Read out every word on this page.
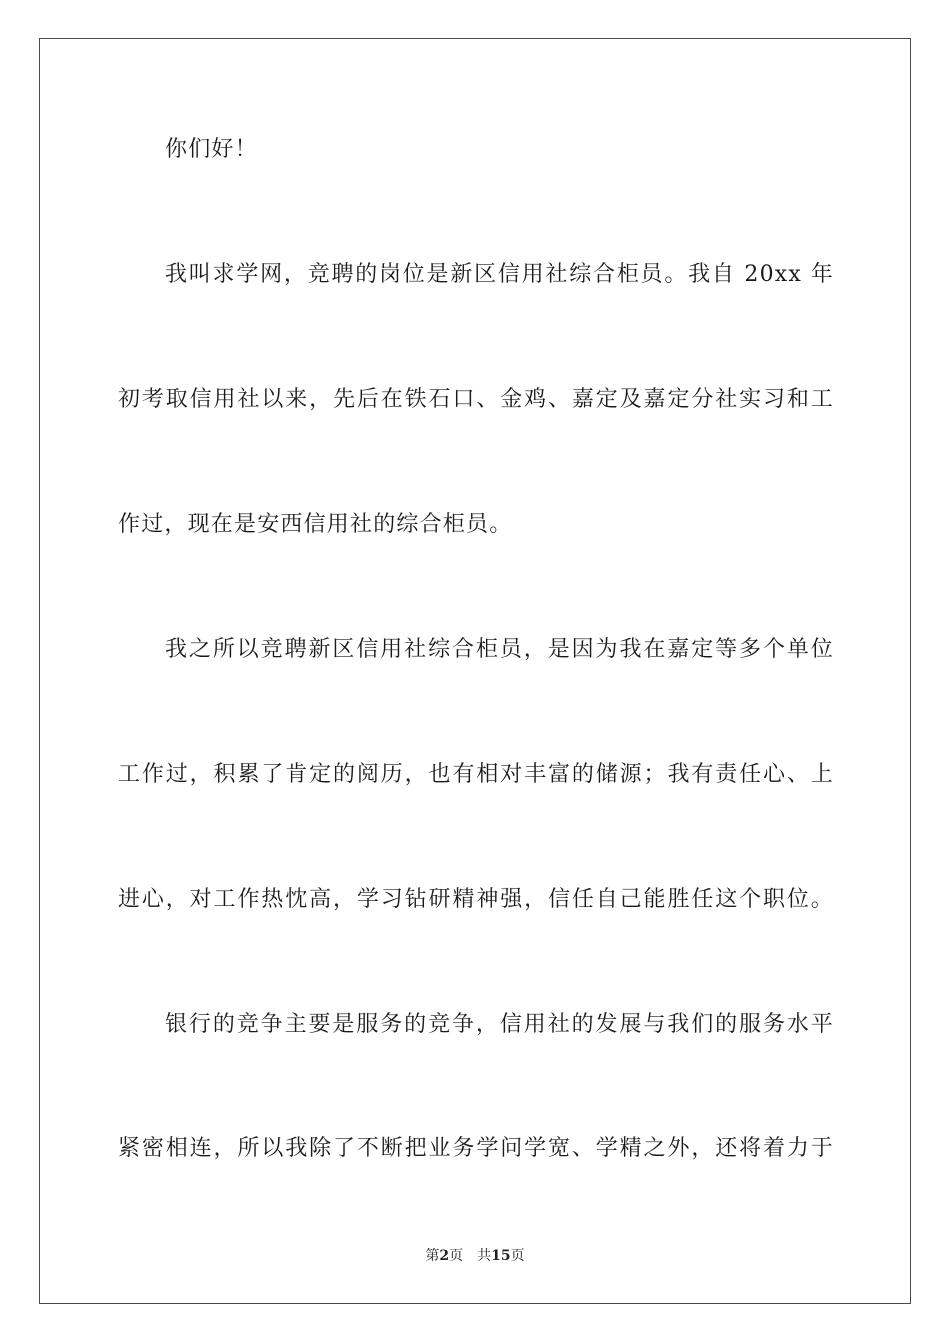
你们好！
我叫求学网，竞聘的岗位是新区信用社综合柜员。我自 20xx 年
初考取信用社以来，先后在铁石口、金鸡、嘉定及嘉定分社实习和工
作过，现在是安西信用社的综合柜员。
我之所以竞聘新区信用社综合柜员，是因为我在嘉定等多个单位
工作过，积累了肯定的阅历，也有相对丰富的储源；我有责任心、上
进心，对工作热忱高，学习钻研精神强，信任自己能胜任这个职位。
银行的竞争主要是服务的竞争，信用社的发展与我们的服务水平
紧密相连，所以我除了不断把业务学问学宽、学精之外，还将着力于
第2页 共15页
